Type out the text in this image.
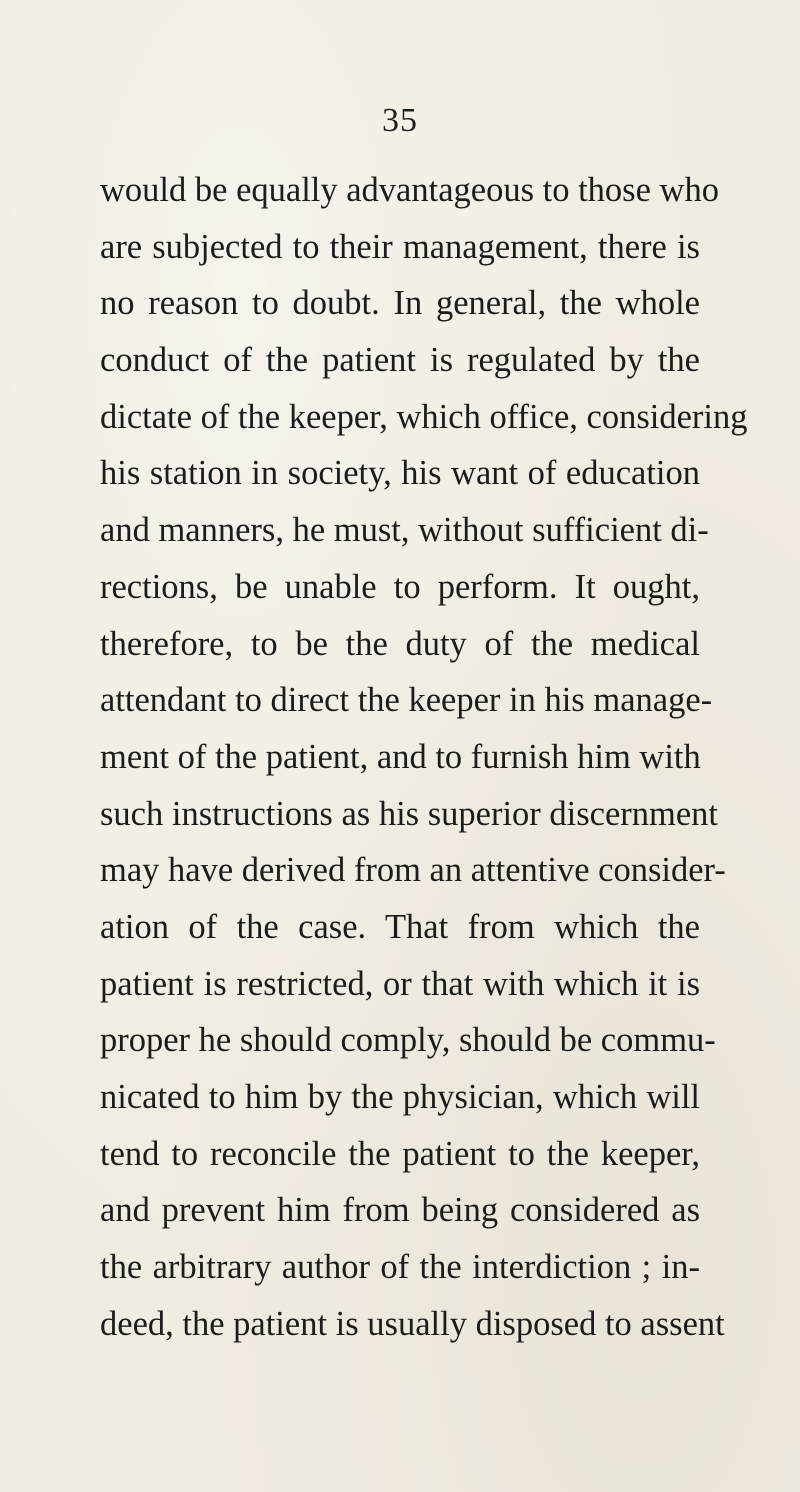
35
would be equally advantageous to those who
are subjected to their management, there is
no reason to doubt. In general, the whole
conduct of the patient is regulated by the
dictate of the keeper, which office, considering
his station in society, his want of education
and manners, he must, without sufficient di-
rections, be unable to perform. It ought,
therefore, to be the duty of the medical
attendant to direct the keeper in his manage-
ment of the patient, and to furnish him with
such instructions as his superior discernment
may have derived from an attentive consider-
ation of the case. That from which the
patient is restricted, or that with which it is
proper he should comply, should be commu-
nicated to him by the physician, which will
tend to reconcile the patient to the keeper,
and prevent him from being considered as
the arbitrary author of the interdiction ; in-
deed, the patient is usually disposed to assent
